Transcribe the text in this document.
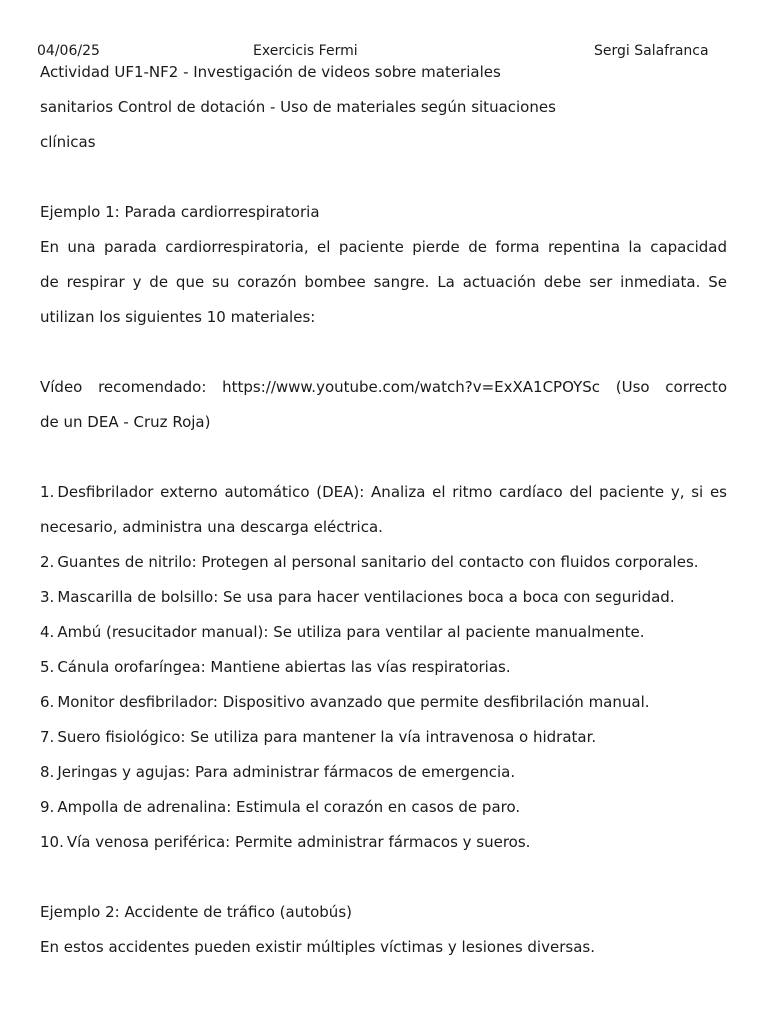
04/06/25	Exercicis Fermi	Sergi Salafranca
Actividad UF1-NF2 - Investigación de videos sobre materiales
sanitarios Control de dotación - Uso de materiales según situaciones
clínicas
Ejemplo 1: Parada cardiorrespiratoria
En una parada cardiorrespiratoria, el paciente pierde de forma repentina la capacidad
de respirar y de que su corazón bombee sangre. La actuación debe ser inmediata. Se
utilizan los siguientes 10 materiales:
Vídeo recomendado: https://www.youtube.com/watch?v=ExXA1CPOYSc (Uso correcto
de un DEA - Cruz Roja)
1. Desfibrilador externo automático (DEA): Analiza el ritmo cardíaco del paciente y, si es
necesario, administra una descarga eléctrica.
2. Guantes de nitrilo: Protegen al personal sanitario del contacto con fluidos corporales.
3. Mascarilla de bolsillo: Se usa para hacer ventilaciones boca a boca con seguridad.
4. Ambú (resucitador manual): Se utiliza para ventilar al paciente manualmente.
5. Cánula orofaríngea: Mantiene abiertas las vías respiratorias.
6. Monitor desfibrilador: Dispositivo avanzado que permite desfibrilación manual.
7. Suero fisiológico: Se utiliza para mantener la vía intravenosa o hidratar.
8. Jeringas y agujas: Para administrar fármacos de emergencia.
9. Ampolla de adrenalina: Estimula el corazón en casos de paro.
10. Vía venosa periférica: Permite administrar fármacos y sueros.
Ejemplo 2: Accidente de tráfico (autobús)
En estos accidentes pueden existir múltiples víctimas y lesiones diversas.
